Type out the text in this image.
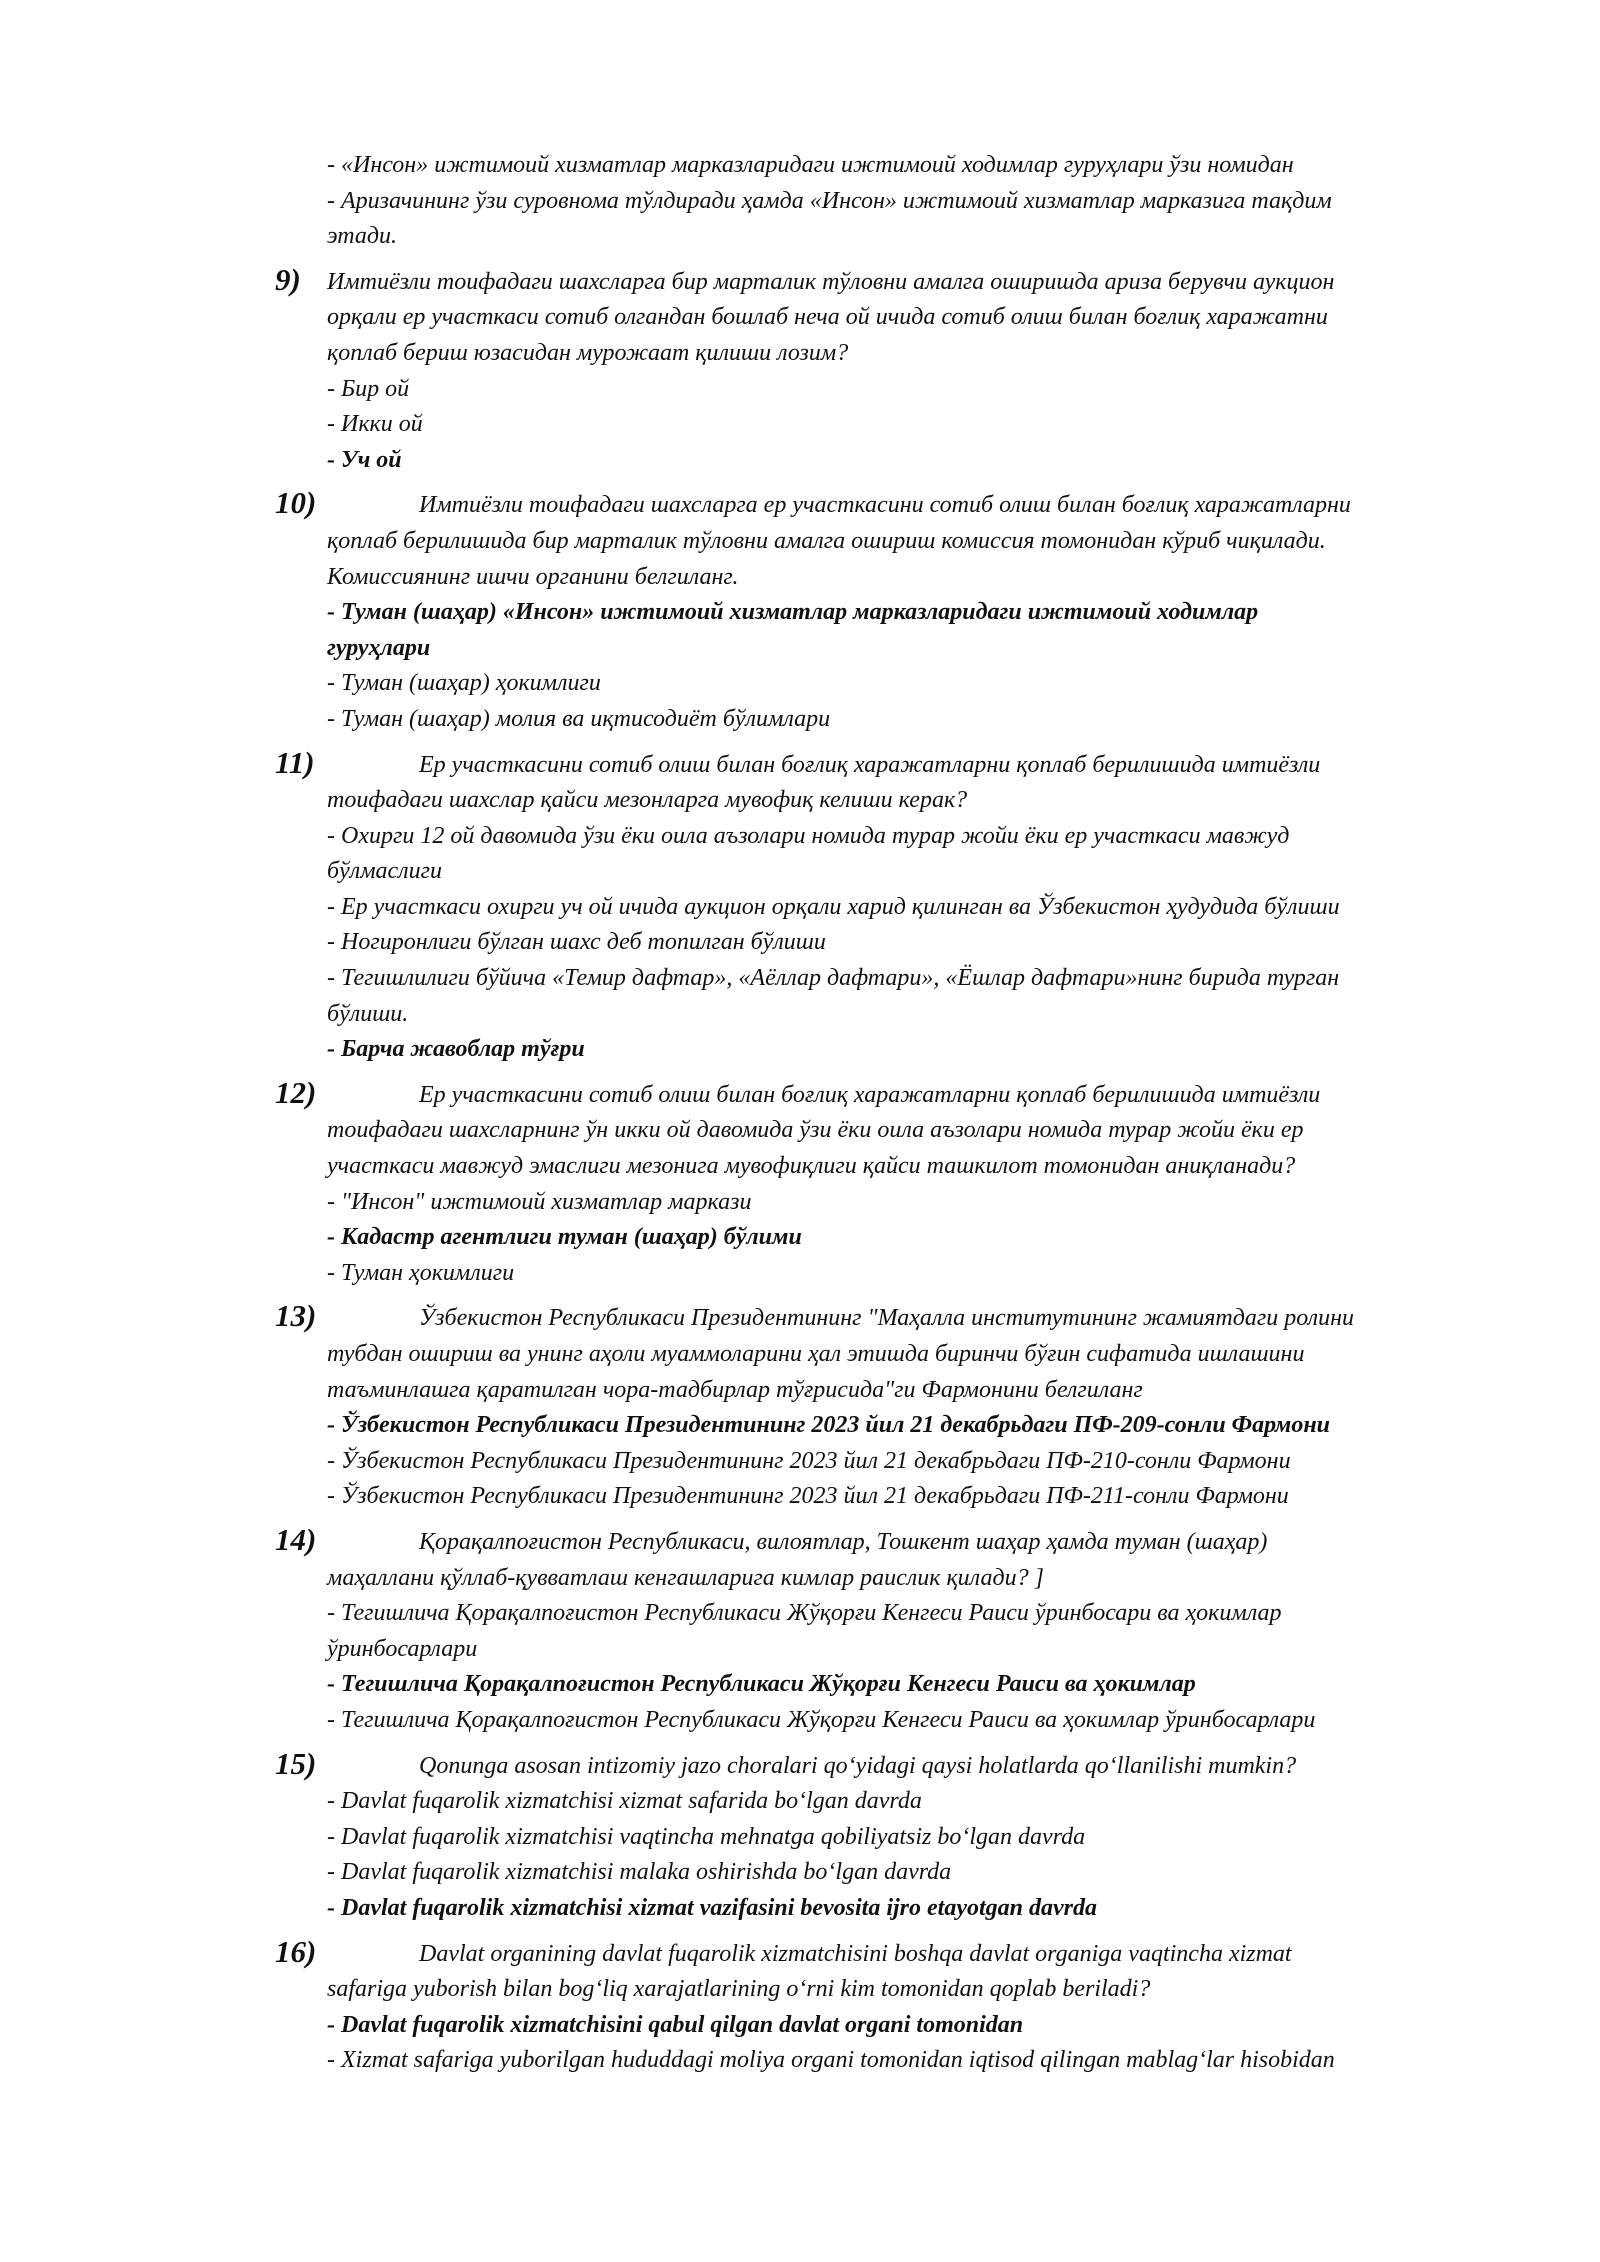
- «Инсон» ижтимоий хизматлар марказларидаги ижтимоий ходимлар гуруҳлари ўзи номидан
- Аризачининг ўзи суровнома тўлдиради ҳамда «Инсон» ижтимоий хизматлар марказига тақдим
этади.
9) Имтиёзли тоифадаги шахсларга бир марталик тўловни амалга оширишда ариза берувчи аукцион
орқали ер участкаси сотиб олгандан бошлаб неча ой ичида сотиб олиш билан боғлиқ харажатни
қоплаб бериш юзасидан мурожаат қилиши лозим?
- Бир ой
- Икки ой
- Уч ой
10)	Имтиёзли тоифадаги шахсларга ер участкасини сотиб олиш билан боғлиқ харажатларни
қоплаб берилишида бир марталик тўловни амалга ошириш комиссия томонидан кўриб чиқилади.
Комиссиянинг ишчи органини белгиланг.
- Туман (шаҳар) «Инсон» ижтимоий хизматлар марказларидаги ижтимоий ходимлар
гуруҳлари
- Туман (шаҳар) ҳокимлиги
- Туман (шаҳар) молия ва иқтисодиёт бўлимлари
11)	Ер участкасини сотиб олиш билан боғлиқ харажатларни қоплаб берилишида имтиёзли
тоифадаги шахслар қайси мезонларга мувофиқ келиши керак?
- Охирги 12 ой давомида ўзи ёки оила аъзолари номида турар жойи ёки ер участкаси мавжуд
бўлмаслиги
- Ер участкаси охирги уч ой ичида аукцион орқали харид қилинган ва Ўзбекистон ҳудудида бўлиши
- Ногиронлиги бўлган шахс деб топилган бўлиши
- Тегишлилиги бўйича «Темир дафтар», «Аёллар дафтари», «Ёшлар дафтари»нинг бирида турган
бўлиши.
- Барча жавоблар тўғри
12)	Ер участкасини сотиб олиш билан боғлиқ харажатларни қоплаб берилишида имтиёзли
тоифадаги шахсларнинг ўн икки ой давомида ўзи ёки оила аъзолари номида турар жойи ёки ер
участкаси мавжуд эмаслиги мезонига мувофиқлиги қайси ташкилот томонидан аниқланади?
- "Инсон" ижтимоий хизматлар маркази
- Кадастр агентлиги туман (шаҳар) бўлими
- Туман ҳокимлиги
13)	Ўзбекистон Республикаси Президентининг "Маҳалла институтининг жамиятдаги ролини
тубдан ошириш ва унинг аҳоли муаммоларини ҳал этишда биринчи бўғин сифатида ишлашини
таъминлашга қаратилган чора-тадбирлар тўғрисида"ги Фармонини белгиланг
- Ўзбекистон Республикаси Президентининг 2023 йил 21 декабрьдаги ПФ-209-сонли Фармони
- Ўзбекистон Республикаси Президентининг 2023 йил 21 декабрьдаги ПФ-210-сонли Фармони
- Ўзбекистон Республикаси Президентининг 2023 йил 21 декабрьдаги ПФ-211-сонли Фармони
14)	Қорақалпоғистон Республикаси, вилоятлар, Тошкент шаҳар ҳамда туман (шаҳар)
маҳаллани қўллаб-қувватлаш кенгашларига кимлар раислик қилади? ]
- Тегишлича Қорақалпоғистон Республикаси Жўқорғи Кенгеси Раиси ўринбосари ва ҳокимлар
ўринбосарлари
- Тегишлича Қорақалпоғистон Республикаси Жўқорғи Кенгеси Раиси ва ҳокимлар
- Тегишлича Қорақалпоғистон Республикаси Жўқорғи Кенгеси Раиси ва ҳокимлар ўринбосарлари
15)	Qonunga asosan intizomiy jazo choralari qoʻyidagi qaysi holatlarda qoʻllanilishi mumkin?
- Davlat fuqarolik xizmatchisi xizmat safarida boʻlgan davrda
- Davlat fuqarolik xizmatchisi vaqtincha mehnatga qobiliyatsiz boʻlgan davrda
- Davlat fuqarolik xizmatchisi malaka oshirishda boʻlgan davrda
- Davlat fuqarolik xizmatchisi xizmat vazifasini bevosita ijro etayotgan davrda
16)	Davlat organining davlat fuqarolik xizmatchisini boshqa davlat organiga vaqtincha xizmat
safariga yuborish bilan bogʻliq xarajatlarining oʻrni kim tomonidan qoplab beriladi?
- Davlat fuqarolik xizmatchisini qabul qilgan davlat organi tomonidan
- Xizmat safariga yuborilgan hududdagi moliya organi tomonidan iqtisod qilingan mablagʻlar hisobidan
